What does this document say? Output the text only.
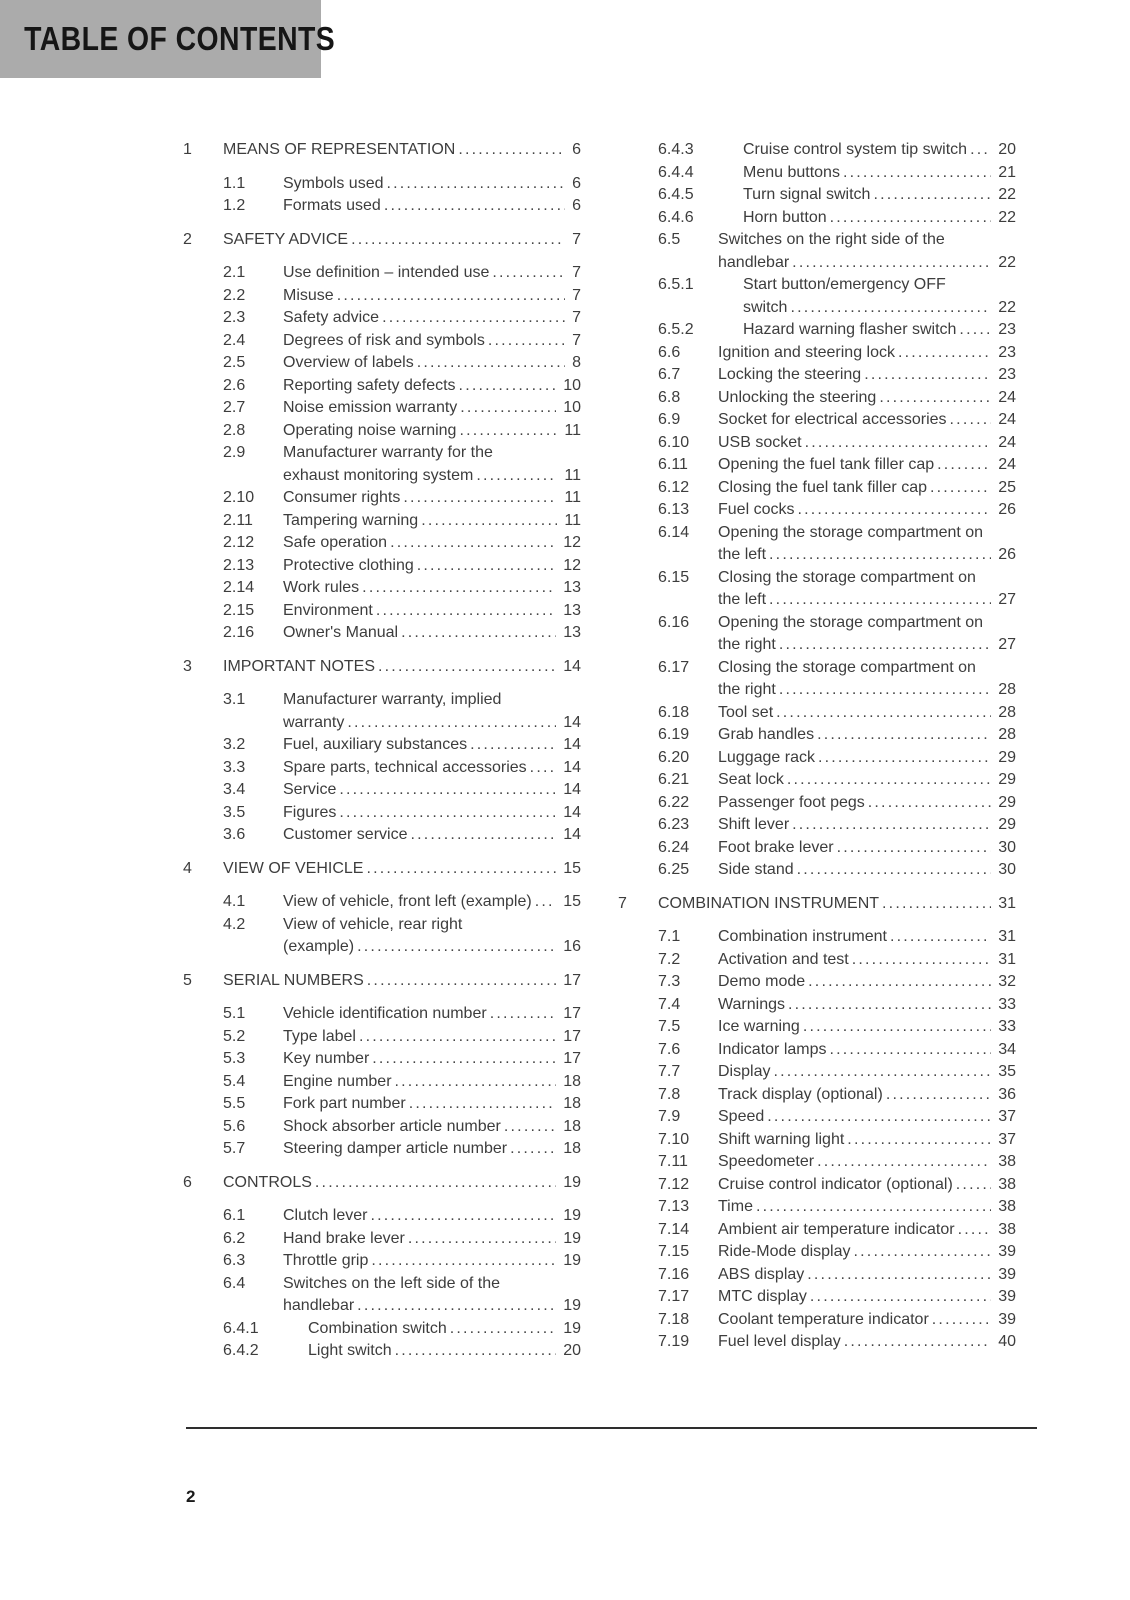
TABLE OF CONTENTS
1	MEANS OF REPRESENTATION .....	6
1.1	Symbols used .....	6
1.2	Formats used .....	6
2	SAFETY ADVICE .....	7
2.1	Use definition – intended use .....	7
2.2	Misuse .....	7
2.3	Safety advice .....	7
2.4	Degrees of risk and symbols .....	7
2.5	Overview of labels .....	8
2.6	Reporting safety defects .....	10
2.7	Noise emission warranty .....	10
2.8	Operating noise warning .....	11
2.9	Manufacturer warranty for the
exhaust monitoring system .....	11
2.10	Consumer rights .....	11
2.11	Tampering warning .....	11
2.12	Safe operation .....	12
2.13	Protective clothing .....	12
2.14	Work rules .....	13
2.15	Environment .....	13
2.16	Owner's Manual .....	13
3	IMPORTANT NOTES .....	14
3.1	Manufacturer warranty, implied
warranty .....	14
3.2	Fuel, auxiliary substances .....	14
3.3	Spare parts, technical accessories .....	14
3.4	Service .....	14
3.5	Figures .....	14
3.6	Customer service .....	14
4	VIEW OF VEHICLE .....	15
4.1	View of vehicle, front left (example) .....	15
4.2	View of vehicle, rear right
(example) .....	16
5	SERIAL NUMBERS .....	17
5.1	Vehicle identification number .....	17
5.2	Type label .....	17
5.3	Key number .....	17
5.4	Engine number .....	18
5.5	Fork part number .....	18
5.6	Shock absorber article number .....	18
5.7	Steering damper article number .....	18
6	CONTROLS .....	19
6.1	Clutch lever .....	19
6.2	Hand brake lever .....	19
6.3	Throttle grip .....	19
6.4	Switches on the left side of the
handlebar .....	19
6.4.1	Combination switch .....	19
6.4.2	Light switch .....	20
6.4.3	Cruise control system tip switch .....	20
6.4.4	Menu buttons .....	21
6.4.5	Turn signal switch .....	22
6.4.6	Horn button .....	22
6.5	Switches on the right side of the
handlebar .....	22
6.5.1	Start button/emergency OFF
switch .....	22
6.5.2	Hazard warning flasher switch .....	23
6.6	Ignition and steering lock .....	23
6.7	Locking the steering .....	23
6.8	Unlocking the steering .....	24
6.9	Socket for electrical accessories .....	24
6.10	USB socket .....	24
6.11	Opening the fuel tank filler cap .....	24
6.12	Closing the fuel tank filler cap .....	25
6.13	Fuel cocks .....	26
6.14	Opening the storage compartment on
the left .....	26
6.15	Closing the storage compartment on
the left .....	27
6.16	Opening the storage compartment on
the right .....	27
6.17	Closing the storage compartment on
the right .....	28
6.18	Tool set .....	28
6.19	Grab handles .....	28
6.20	Luggage rack .....	29
6.21	Seat lock .....	29
6.22	Passenger foot pegs .....	29
6.23	Shift lever .....	29
6.24	Foot brake lever .....	30
6.25	Side stand .....	30
7	COMBINATION INSTRUMENT .....	31
7.1	Combination instrument .....	31
7.2	Activation and test .....	31
7.3	Demo mode .....	32
7.4	Warnings .....	33
7.5	Ice warning .....	33
7.6	Indicator lamps .....	34
7.7	Display .....	35
7.8	Track display (optional) .....	36
7.9	Speed .....	37
7.10	Shift warning light .....	37
7.11	Speedometer .....	38
7.12	Cruise control indicator (optional) .....	38
7.13	Time .....	38
7.14	Ambient air temperature indicator .....	38
7.15	Ride-Mode display .....	39
7.16	ABS display .....	39
7.17	MTC display .....	39
7.18	Coolant temperature indicator .....	39
7.19	Fuel level display .....	40
2
